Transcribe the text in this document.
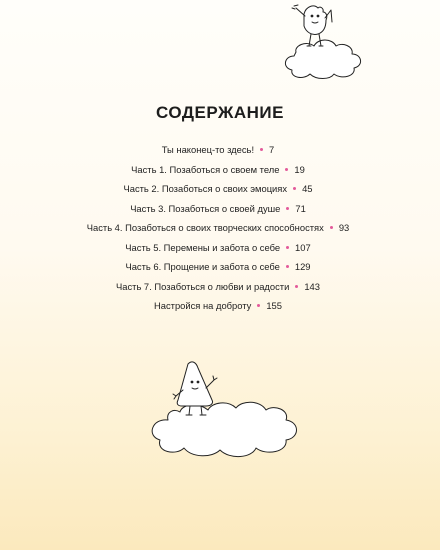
СОДЕРЖАНИЕ
Ты наконец-то здесь! 7
Часть 1. Позаботься о своем теле 19
Часть 2. Позаботься о своих эмоциях 45
Часть 3. Позаботься о своей душе 71
Часть 4. Позаботься о своих творческих способностях 93
Часть 5. Перемены и забота о себе 107
Часть 6. Прощение и забота о себе 129
Часть 7. Позаботься о любви и радости 143
Настройся на доброту 155
